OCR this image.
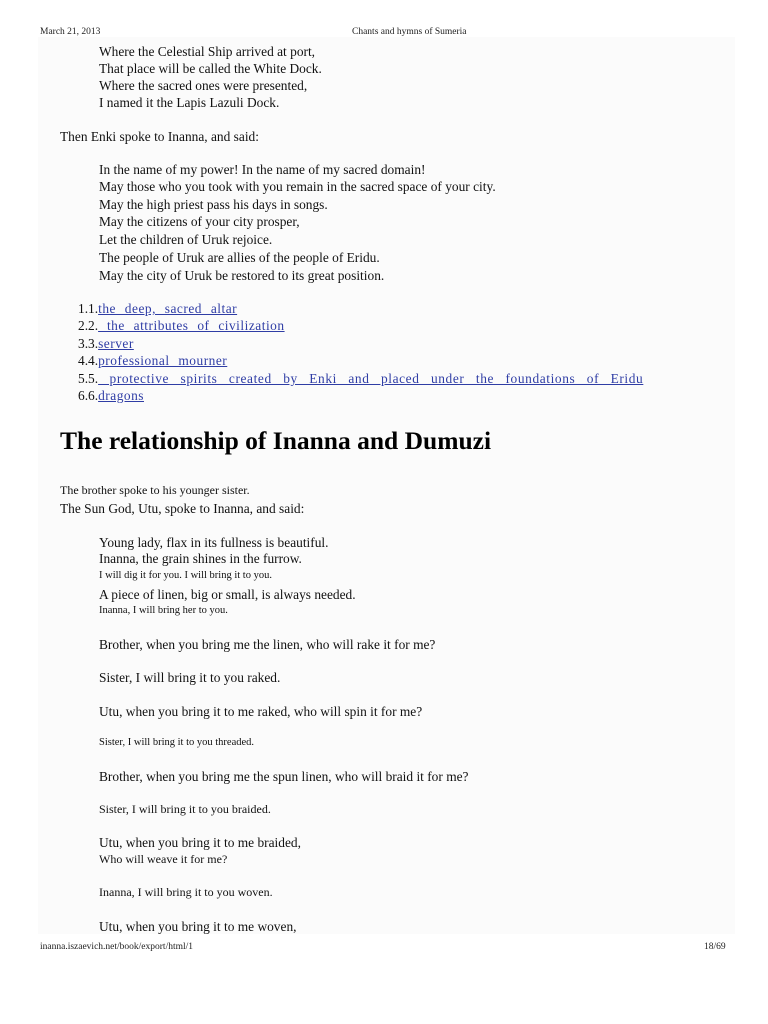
March 21, 2013	Chants and hymns of Sumeria
Where the Celestial Ship arrived at port,
That place will be called the White Dock.
Where the sacred ones were presented,
I named it the Lapis Lazuli Dock.
Then Enki spoke to Inanna, and said:
In the name of my power! In the name of my sacred domain!
May those who you took with you remain in the sacred space of your city.
May the high priest pass his days in songs.
May the citizens of your city prosper,
Let the children of Uruk rejoice.
The people of Uruk are allies of the people of Eridu.
May the city of Uruk be restored to its great position.
1.1.the deep, sacred altar
2.2. the attributes of civilization
3.3.server
4.4.professional mourner
5.5. protective spirits created by Enki and placed under the foundations of Eridu
6.6.dragons
The relationship of Inanna and Dumuzi
The brother spoke to his younger sister.
The Sun God, Utu, spoke to Inanna, and said:
Young lady, flax in its fullness is beautiful.
Inanna, the grain shines in the furrow.
I will dig it for you. I will bring it to you.
A piece of linen, big or small, is always needed.
Inanna, I will bring her to you.
Brother, when you bring me the linen, who will rake it for me?
Sister, I will bring it to you raked.
Utu, when you bring it to me raked, who will spin it for me?
Sister, I will bring it to you threaded.
Brother, when you bring me the spun linen, who will braid it for me?
Sister, I will bring it to you braided.
Utu, when you bring it to me braided,
Who will weave it for me?
Inanna, I will bring it to you woven.
Utu, when you bring it to me woven,
inanna.iszaevich.net/book/export/html/1	18/69
